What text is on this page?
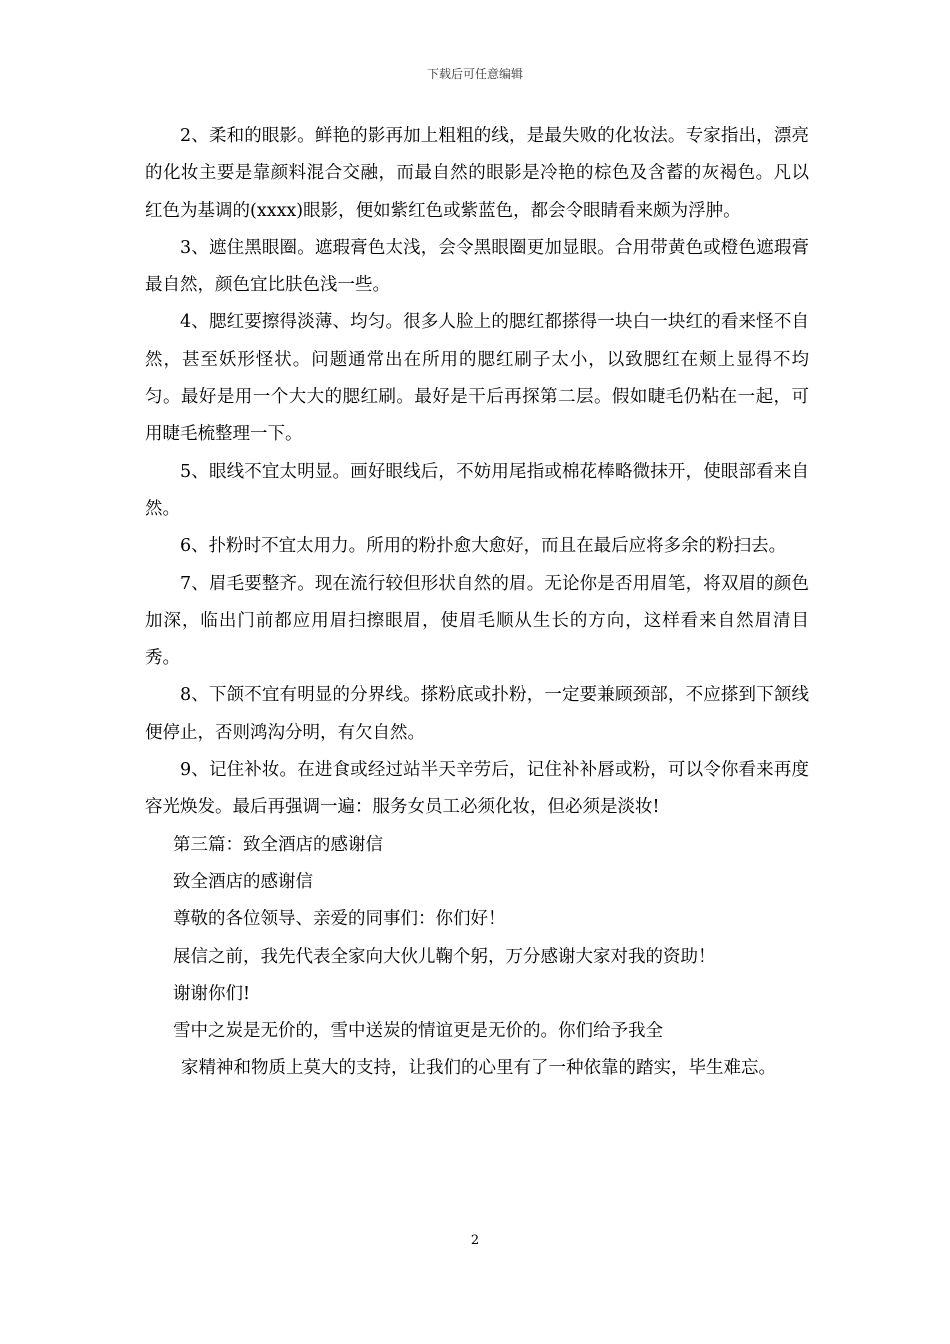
下载后可任意编辑

2、柔和的眼影。鲜艳的影再加上粗粗的线，是最失败的化妆法。专家指出，漂亮的化妆主要是靠颜料混合交融，而最自然的眼影是冷艳的棕色及含蓄的灰褐色。凡以红色为基调的(xxxx)眼影，便如紫红色或紫蓝色，都会令眼睛看来颇为浮肿。

3、遮住黑眼圈。遮瑕膏色太浅，会令黑眼圈更加显眼。合用带黄色或橙色遮瑕膏最自然，颜色宜比肤色浅一些。

4、腮红要擦得淡薄、均匀。很多人脸上的腮红都搽得一块白一块红的看来怪不自然，甚至妖形怪状。问题通常出在所用的腮红刷子太小，以致腮红在颊上显得不均匀。最好是用一个大大的腮红刷。最好是干后再探第二层。假如睫毛仍粘在一起，可用睫毛梳整理一下。

5、眼线不宜太明显。画好眼线后，不妨用尾指或棉花棒略微抹开，使眼部看来自然。

6、扑粉时不宜太用力。所用的粉扑愈大愈好，而且在最后应将多余的粉扫去。

7、眉毛要整齐。现在流行较但形状自然的眉。无论你是否用眉笔，将双眉的颜色加深，临出门前都应用眉扫擦眼眉，使眉毛顺从生长的方向，这样看来自然眉清目秀。

8、下颌不宜有明显的分界线。搽粉底或扑粉，一定要兼顾颈部，不应搽到下颔线便停止，否则鸿沟分明，有欠自然。

9、记住补妆。在进食或经过站半天辛劳后，记住补补唇或粉，可以令你看来再度容光焕发。最后再强调一遍：服务女员工必须化妆，但必须是淡妆!

第三篇：致全酒店的感谢信

致全酒店的感谢信

尊敬的各位领导、亲爱的同事们：你们好！

展信之前，我先代表全家向大伙儿鞠个躬，万分感谢大家对我的资助！

谢谢你们!

雪中之炭是无价的，雪中送炭的情谊更是无价的。你们给予我全

家精神和物质上莫大的支持，让我们的心里有了一种依靠的踏实，毕生难忘。

2
